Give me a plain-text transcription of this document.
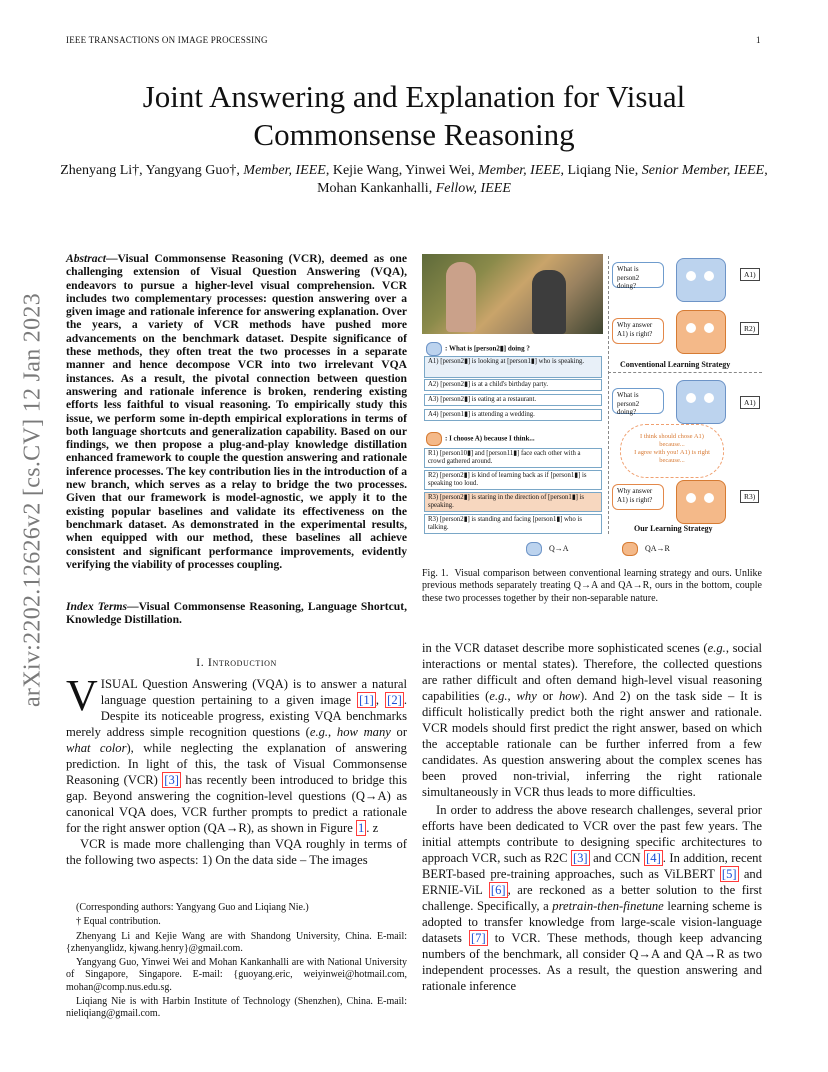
IEEE TRANSACTIONS ON IMAGE PROCESSING	1
Joint Answering and Explanation for Visual Commonsense Reasoning
Zhenyang Li†, Yangyang Guo†, Member, IEEE, Kejie Wang, Yinwei Wei, Member, IEEE, Liqiang Nie, Senior Member, IEEE, Mohan Kankanhalli, Fellow, IEEE
arXiv:2202.12626v2 [cs.CV] 12 Jan 2023
Abstract—Visual Commonsense Reasoning (VCR), deemed as one challenging extension of Visual Question Answering (VQA), endeavors to pursue a higher-level visual comprehension. VCR includes two complementary processes: question answering over a given image and rationale inference for answering explanation. Over the years, a variety of VCR methods have pushed more advancements on the benchmark dataset. Despite significance of these methods, they often treat the two processes in a separate manner and hence decompose VCR into two irrelevant VQA instances. As a result, the pivotal connection between question answering and rationale inference is broken, rendering existing efforts less faithful to visual reasoning. To empirically study this issue, we perform some in-depth empirical explorations in terms of both language shortcuts and generalization capability. Based on our findings, we then propose a plug-and-play knowledge distillation enhanced framework to couple the question answering and rationale inference processes. The key contribution lies in the introduction of a new branch, which serves as a relay to bridge the two processes. Given that our framework is model-agnostic, we apply it to the existing popular baselines and validate its effectiveness on the benchmark dataset. As demonstrated in the experimental results, when equipped with our method, these baselines all achieve consistent and significant performance improvements, evidently verifying the viability of processes coupling.
Index Terms—Visual Commonsense Reasoning, Language Shortcut, Knowledge Distillation.
I. Introduction

VISUAL Question Answering (VQA) is to answer a natural language question pertaining to a given image [1] , [2] . Despite its noticeable progress, existing VQA benchmarks merely address simple recognition questions (e.g., how many or what color), while neglecting the explanation of answering prediction. In light of this, the task of Visual Commonsense Reasoning (VCR) [3] has recently been introduced to bridge this gap. Beyond answering the cognition-level questions (Q→A) as canonical VQA does, VCR further prompts to predict a rationale for the right answer option (QA→R), as shown in Figure 1 . z

VCR is made more challenging than VQA roughly in terms of the following two aspects: 1) On the data side – The images

(Corresponding authors: Yangyang Guo and Liqiang Nie.)

† Equal contribution.

Zhenyang Li and Kejie Wang are with Shandong University, China. E-mail: {zhenyanglidz, kjwang.henry}@gmail.com.

Yangyang Guo, Yinwei Wei and Mohan Kankanhalli are with National University of Singapore, Singapore. E-mail: {guoyang.eric, weiyinwei@hotmail.com, mohan@comp.nus.edu.sg.

Liqiang Nie is with Harbin Institute of Technology (Shenzhen), China. E-mail: nieliqiang@gmail.com.

: What is [person2▮] doing ?
A1) [person2▮] is looking at [person1▮] who is speaking.
A2) [person2▮] is at a child's birthday party.
A3) [person2▮] is eating at a restaurant.
A4) [person1▮] is attending a wedding.
: I choose A) because I think...
R1) [person10▮] and [person11▮] face each other with a crowd gathered around.
R2) [person2▮] is kind of learning back as if [person1▮] is speaking too loud.
R3) [person2▮] is staring in the direction of [person1▮] is speaking.
R3) [person2▮] is standing and facing [person1▮] who is talking.
What is person2 doing?
A1)
Why answer A1) is right?
R2)
Conventional Learning Strategy
What is person2 doing?
A1)
I think should chose A1) because...
I agree with you! A1) is right because...
Why answer A1) is right?	R3)
Our Learning Strategy
Q→A	QA→R
Fig. 1. Visual comparison between conventional learning strategy and ours. Unlike previous methods separately treating Q→A and QA→R, ours in the bottom, couple these two processes together by their non-separable nature.

in the VCR dataset describe more sophisticated scenes (e.g., social interactions or mental states). Therefore, the collected questions are rather difficult and often demand high-level visual reasoning capabilities (e.g., why or how). And 2) on the task side – It is difficult holistically predict both the right answer and rationale. VCR models should first predict the right answer, based on which the acceptable rationale can be further inferred from a few candidates. As question answering about the complex scenes has been proved non-trivial, inferring the right rationale simultaneously in VCR thus leads to more difficulties.

In order to address the above research challenges, several prior efforts have been dedicated to VCR over the past few years. The initial attempts contribute to designing specific architectures to approach VCR, such as R2C [3] and CCN [4] . In addition, recent BERT-based pre-training approaches, such as ViLBERT [5] and ERNIE-ViL [6] , are reckoned as a better solution to the first challenge. Specifically, a pretrain-then-finetune learning scheme is adopted to transfer knowledge from large-scale vision-language datasets [7] to VCR. These methods, though keep advancing numbers of the benchmark, all consider Q→A and QA→R as two independent processes. As a result, the question answering and rationale inference
